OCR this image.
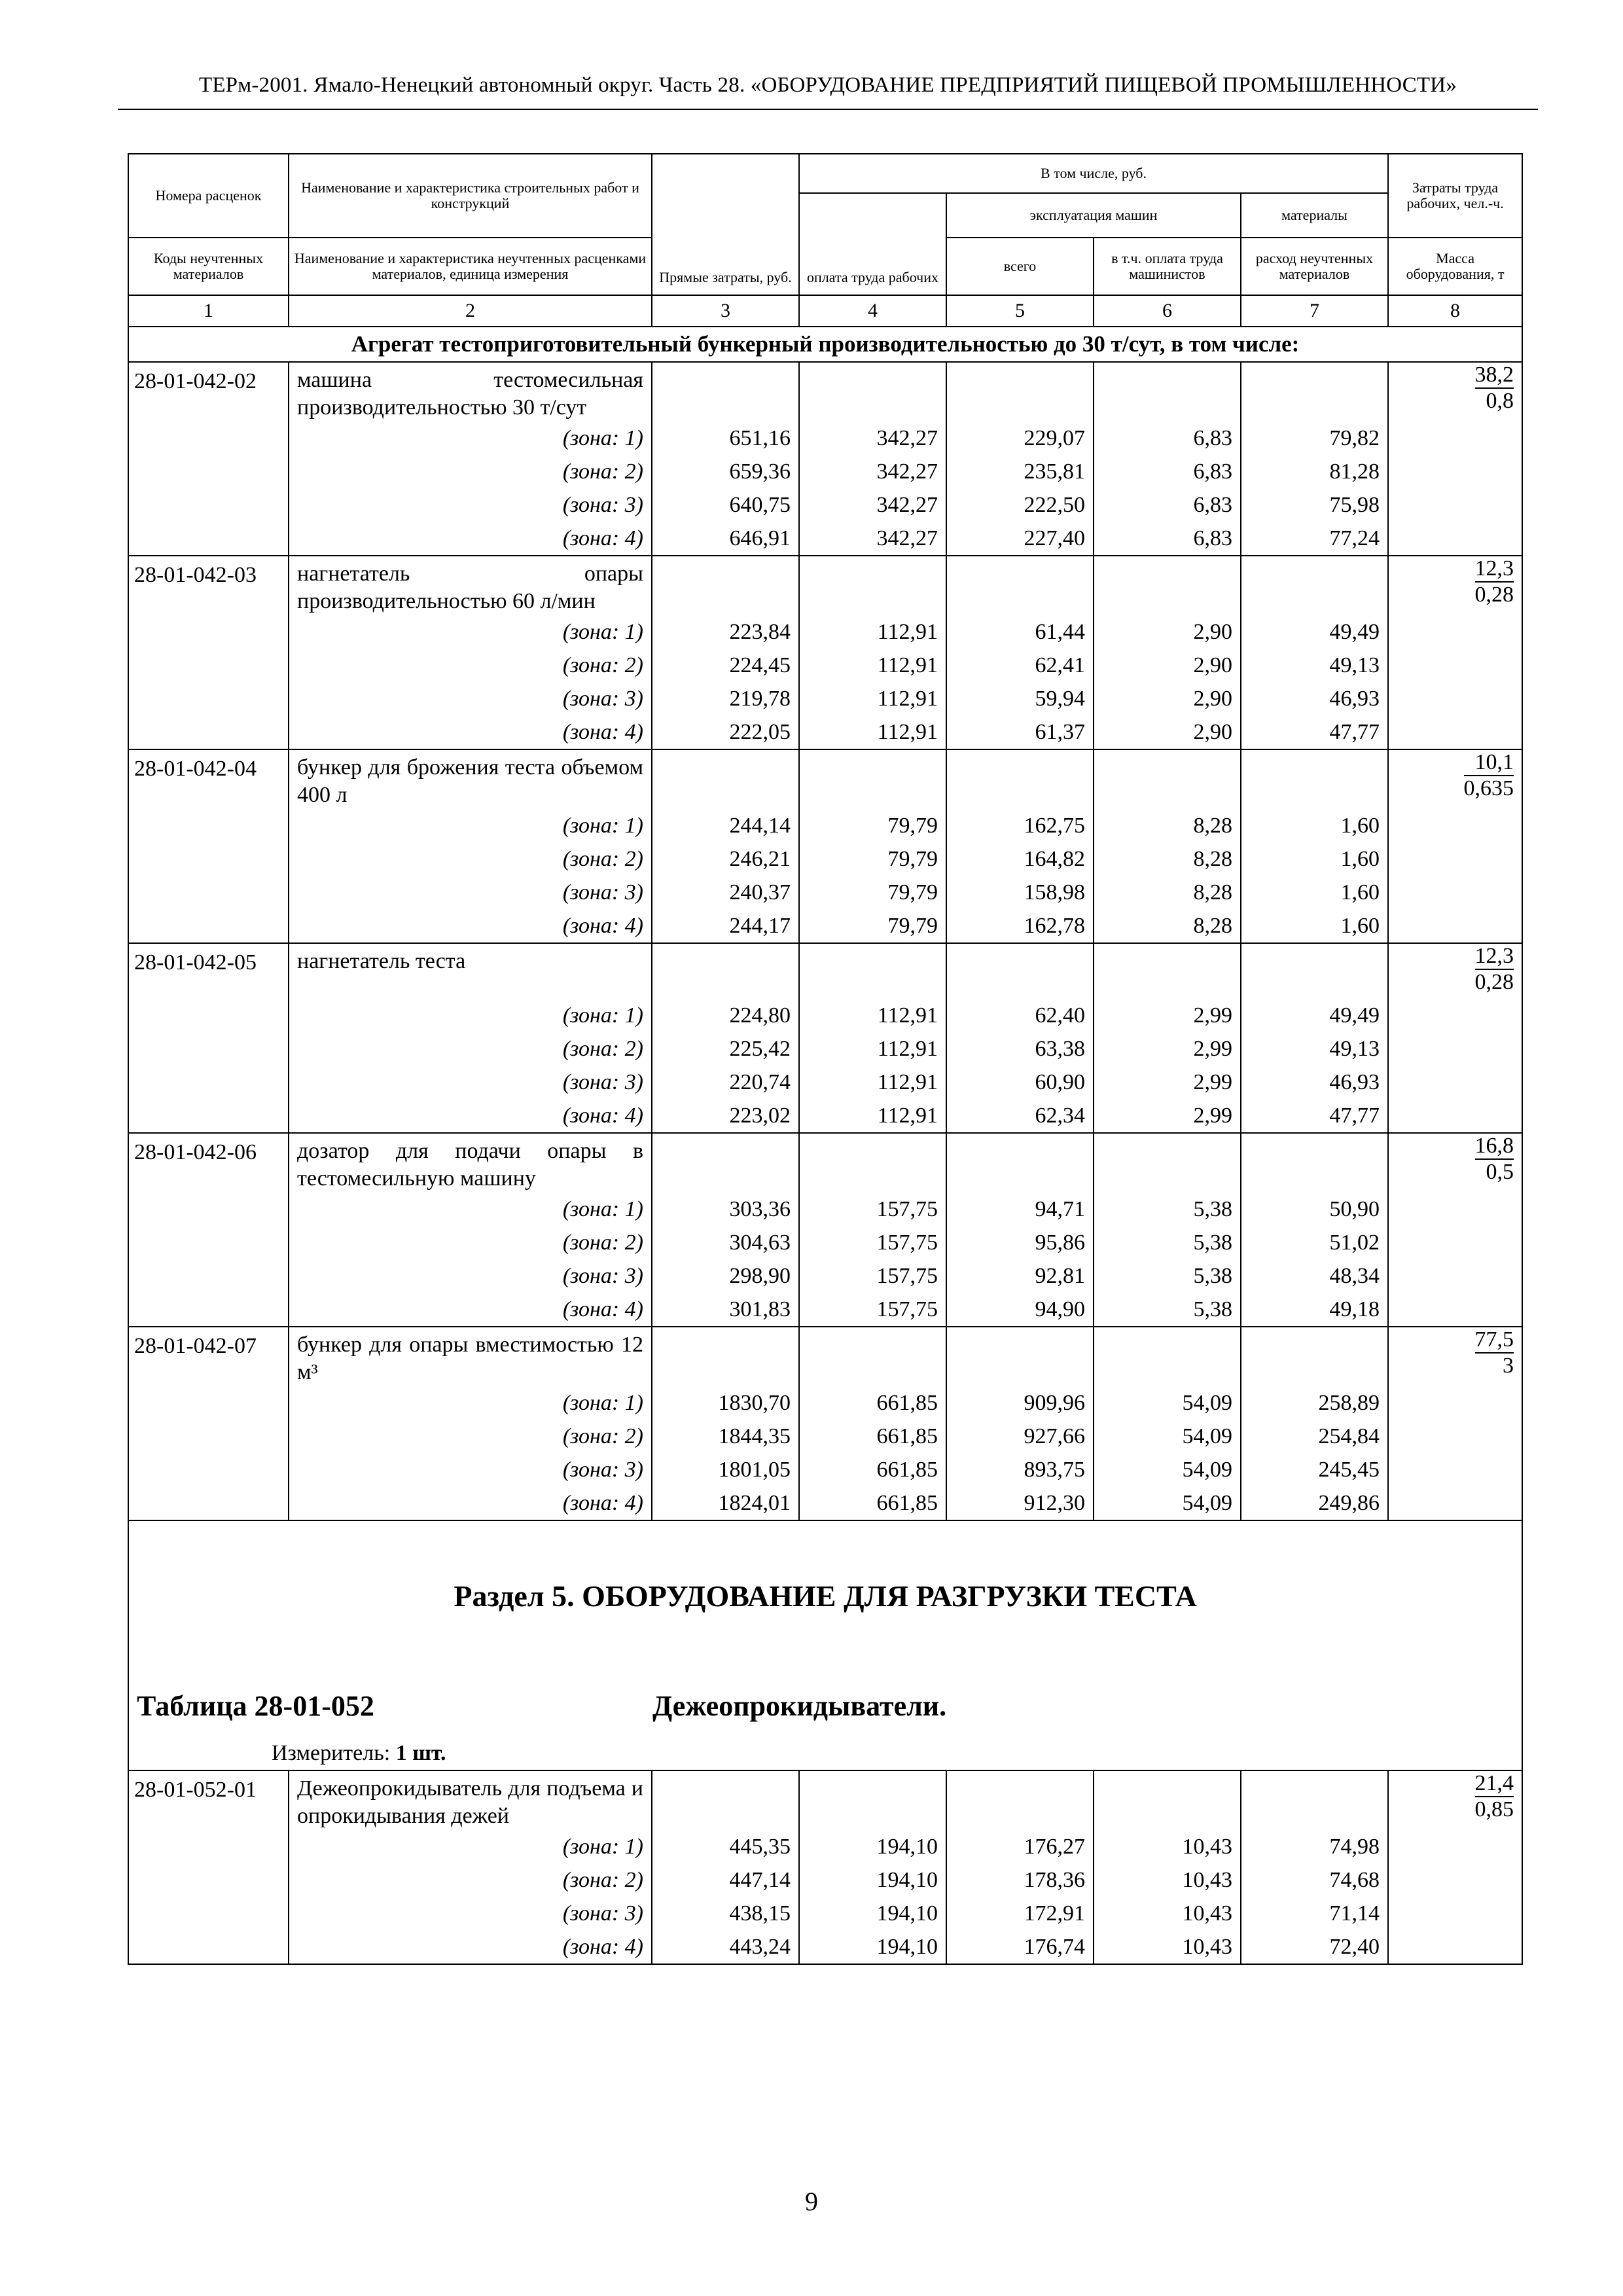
ТЕРм-2001. Ямало-Ненецкий автономный округ. Часть 28. «ОБОРУДОВАНИЕ ПРЕДПРИЯТИЙ ПИЩЕВОЙ ПРОМЫШЛЕННОСТИ»
Номера расценок	Наименование и характеристика строительных работ и конструкций	Прямые затраты, руб.	В том числе, руб.				Затраты труда рабочих, чел.-ч.
			оплата труда рабочих	эксплуатация машин		материалы	
Коды неучтенных материалов	Наименование и характеристика неучтенных расценками материалов, единица измерения			всего	в т.ч. оплата труда машинистов	расход неучтенных материалов	Масса оборудования, т
1	2	3	4	5	6	7	8
Агрегат тестоприготовительный бункерный производительностью до 30 т/сут, в том числе:							
28-01-042-02	машина тестомесильная производительностью 30 т/сут						$\frac{38,2}{0,8}$

	(зона: 1)	651,16	342,27	229,07	6,83	79,82	
	(зона: 2)	659,36	342,27	235,81	6,83	81,28	
	(зона: 3)	640,75	342,27	222,50	6,83	75,98	
	(зона: 4)	646,91	342,27	227,40	6,83	77,24	
28-01-042-03	нагнетатель опары производительностью 60 л/мин						$\frac{12,3}{0,28}$

	(зона: 1)	223,84	112,91	61,44	2,90	49,49	
	(зона: 2)	224,45	112,91	62,41	2,90	49,13	
	(зона: 3)	219,78	112,91	59,94	2,90	46,93	
	(зона: 4)	222,05	112,91	61,37	2,90	47,77	
28-01-042-04	бункер для брожения теста объемом 400 л						$\frac{10,1}{0,635}$

	(зона: 1)	244,14	79,79	162,75	8,28	1,60	
	(зона: 2)	246,21	79,79	164,82	8,28	1,60	
	(зона: 3)	240,37	79,79	158,98	8,28	1,60	
	(зона: 4)	244,17	79,79	162,78	8,28	1,60	
28-01-042-05	нагнетатель теста						$\frac{12,3}{0,28}$

	(зона: 1)	224,80	112,91	62,40	2,99	49,49	
	(зона: 2)	225,42	112,91	63,38	2,99	49,13	
	(зона: 3)	220,74	112,91	60,90	2,99	46,93	
	(зона: 4)	223,02	112,91	62,34	2,99	47,77	
28-01-042-06	дозатор для подачи опары в тестомесильную машину						$\frac{16,8}{0,5}$

	(зона: 1)	303,36	157,75	94,71	5,38	50,90	
	(зона: 2)	304,63	157,75	95,86	5,38	51,02	
	(зона: 3)	298,90	157,75	92,81	5,38	48,34	
	(зона: 4)	301,83	157,75	94,90	5,38	49,18	
28-01-042-07	бункер для опары вместимостью 12 м³						$\frac{77,5}{3}$

	(зона: 1)	1830,70	661,85	909,96	54,09	258,89	
	(зона: 2)	1844,35	661,85	927,66	54,09	254,84	
	(зона: 3)	1801,05	661,85	893,75	54,09	245,45	
	(зона: 4)	1824,01	661,85	912,30	54,09	249,86	

Раздел 5. ОБОРУДОВАНИЕ ДЛЯ РАЗГРУЗКИ ТЕСТА
Таблица 28-01-052 Дежеопрокидыватели.
Измеритель: 1 шт.							

28-01-052-01	Дежеопрокидыватель для подъема и опрокидывания дежей						$\frac{21,4}{0,85}$

	(зона: 1)	445,35	194,10	176,27	10,43	74,98	
	(зона: 2)	447,14	194,10	178,36	10,43	74,68	
	(зона: 3)	438,15	194,10	172,91	10,43	71,14	
	(зона: 4)	443,24	194,10	176,74	10,43	72,40	
9
